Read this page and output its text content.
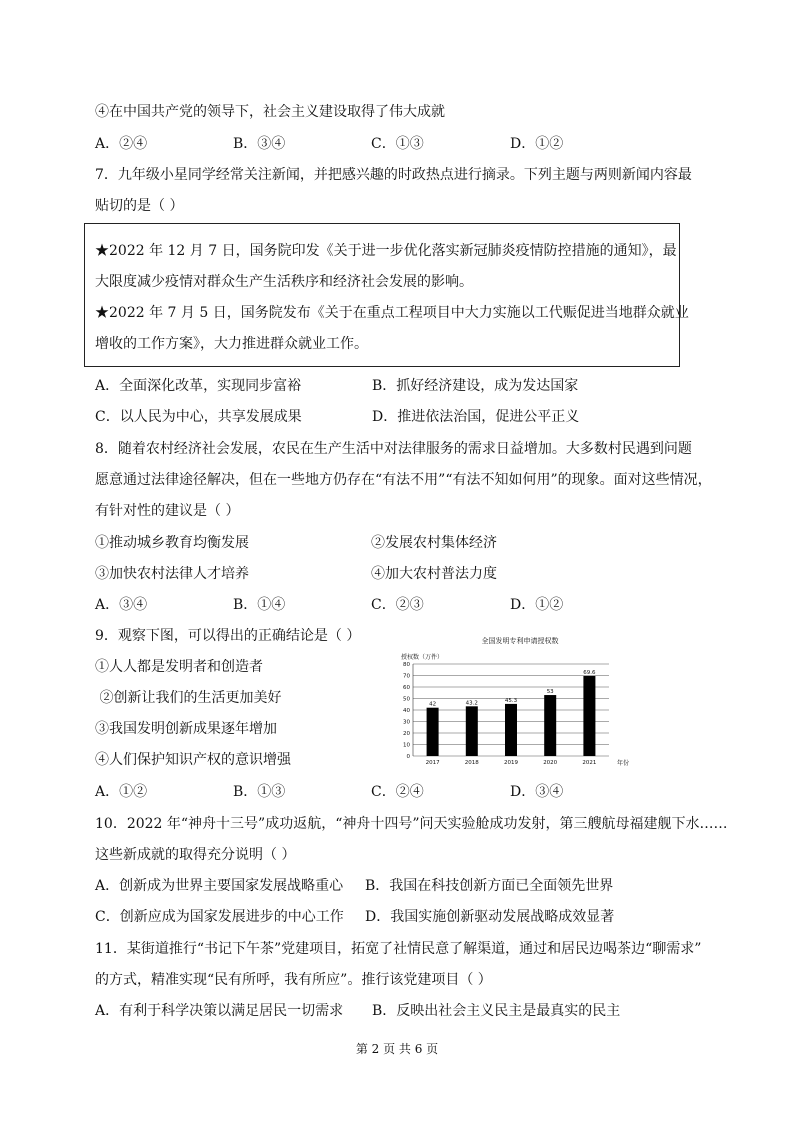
④在中国共产党的领导下，社会主义建设取得了伟大成就
A．②④	B．③④	C．①③	D．①②
7．九年级小星同学经常关注新闻，并把感兴趣的时政热点进行摘录。下列主题与两则新闻内容最
贴切的是（ ）
★2022 年 12 月 7 日，国务院印发《关于进一步优化落实新冠肺炎疫情防控措施的通知》，最
大限度减少疫情对群众生产生活秩序和经济社会发展的影响。
★2022 年 7 月 5 日，国务院发布《关于在重点工程项目中大力实施以工代赈促进当地群众就业
增收的工作方案》，大力推进群众就业工作。
A．全面深化改革，实现同步富裕	B．抓好经济建设，成为发达国家
C．以人民为中心，共享发展成果	D．推进依法治国，促进公平正义
8．随着农村经济社会发展，农民在生产生活中对法律服务的需求日益增加。大多数村民遇到问题
愿意通过法律途径解决，但在一些地方仍存在“有法不用”“有法不知如何用”的现象。面对这些情况，
有针对性的建议是（ ）
①推动城乡教育均衡发展	②发展农村集体经济
③加快农村法律人才培养	④加大农村普法力度
A．③④	B．①④	C．②③	D．①②
9．观察下图，可以得出的正确结论是（ ）
①人人都是发明者和创造者
②创新让我们的生活更加美好
③我国发明创新成果逐年增加
④人们保护知识产权的意识增强
全国发明专利申请授权数
授权数（万件）
0
10
20
30
40
50
60
70
80
42	43.2	45.3
53
69.6
2017	2018	2019	2020	2021	年份
A．①②	B．①③	C．②④	D．③④
10．2022 年“神舟十三号”成功返航，“神舟十四号”问天实验舱成功发射，第三艘航母福建舰下水……
这些新成就的取得充分说明（ ）
A．创新成为世界主要国家发展战略重心 B．我国在科技创新方面已全面领先世界
C．创新应成为国家发展进步的中心工作 D．我国实施创新驱动发展战略成效显著
11．某街道推行“书记下午茶”党建项目，拓宽了社情民意了解渠道，通过和居民边喝茶边“聊需求”
的方式，精准实现“民有所呼，我有所应”。推行该党建项目（ ）
A．有利于科学决策以满足居民一切需求 B．反映出社会主义民主是最真实的民主
第 2 页 共 6 页
